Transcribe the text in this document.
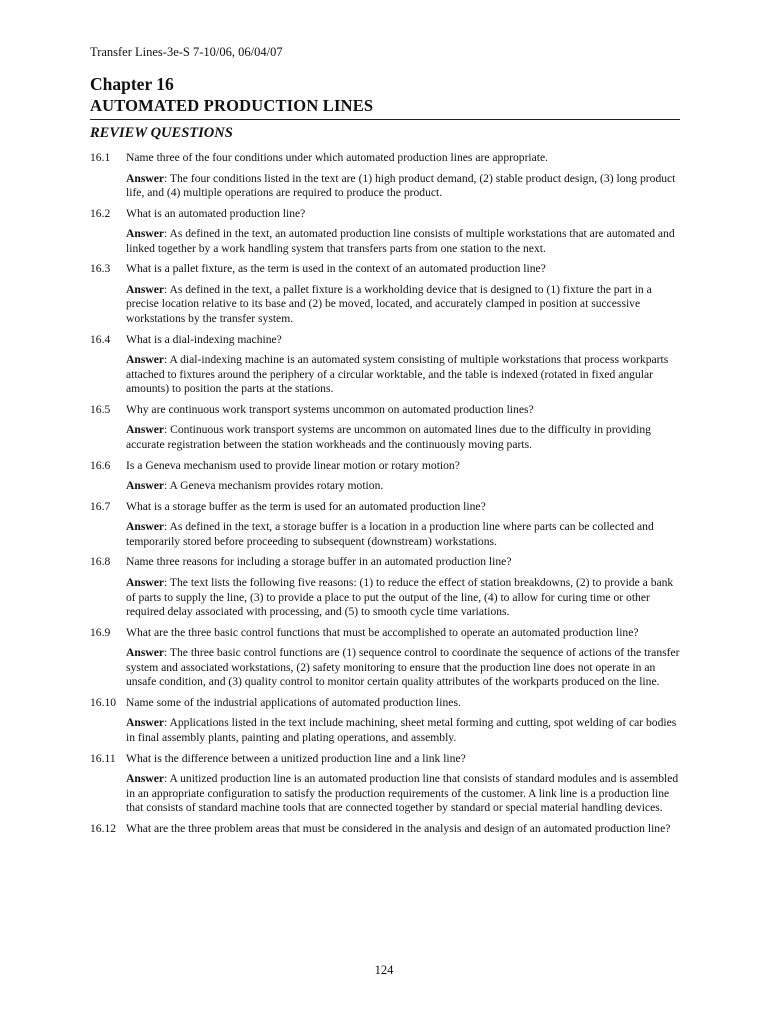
Transfer Lines-3e-S 7-10/06, 06/04/07
Chapter 16
AUTOMATED PRODUCTION LINES
REVIEW QUESTIONS
16.1	Name three of the four conditions under which automated production lines are appropriate.
Answer: The four conditions listed in the text are (1) high product demand, (2) stable product design, (3) long product life, and (4) multiple operations are required to produce the product.
16.2	What is an automated production line?
Answer: As defined in the text, an automated production line consists of multiple workstations that are automated and linked together by a work handling system that transfers parts from one station to the next.
16.3	What is a pallet fixture, as the term is used in the context of an automated production line?
Answer: As defined in the text, a pallet fixture is a workholding device that is designed to (1) fixture the part in a precise location relative to its base and (2) be moved, located, and accurately clamped in position at successive workstations by the transfer system.
16.4	What is a dial-indexing machine?
Answer: A dial-indexing machine is an automated system consisting of multiple workstations that process workparts attached to fixtures around the periphery of a circular worktable, and the table is indexed (rotated in fixed angular amounts) to position the parts at the stations.
16.5	Why are continuous work transport systems uncommon on automated production lines?
Answer: Continuous work transport systems are uncommon on automated lines due to the difficulty in providing accurate registration between the station workheads and the continuously moving parts.
16.6	Is a Geneva mechanism used to provide linear motion or rotary motion?
Answer: A Geneva mechanism provides rotary motion.
16.7	What is a storage buffer as the term is used for an automated production line?
Answer: As defined in the text, a storage buffer is a location in a production line where parts can be collected and temporarily stored before proceeding to subsequent (downstream) workstations.
16.8	Name three reasons for including a storage buffer in an automated production line?
Answer: The text lists the following five reasons: (1) to reduce the effect of station breakdowns, (2) to provide a bank of parts to supply the line, (3) to provide a place to put the output of the line, (4) to allow for curing time or other required delay associated with processing, and (5) to smooth cycle time variations.
16.9	What are the three basic control functions that must be accomplished to operate an automated production line?
Answer: The three basic control functions are (1) sequence control to coordinate the sequence of actions of the transfer system and associated workstations, (2) safety monitoring to ensure that the production line does not operate in an unsafe condition, and (3) quality control to monitor certain quality attributes of the workparts produced on the line.
16.10 Name some of the industrial applications of automated production lines.
Answer: Applications listed in the text include machining, sheet metal forming and cutting, spot welding of car bodies in final assembly plants, painting and plating operations, and assembly.
16.11 What is the difference between a unitized production line and a link line?
Answer: A unitized production line is an automated production line that consists of standard modules and is assembled in an appropriate configuration to satisfy the production requirements of the customer. A link line is a production line that consists of standard machine tools that are connected together by standard or special material handling devices.
16.12 What are the three problem areas that must be considered in the analysis and design of an automated production line?
124
